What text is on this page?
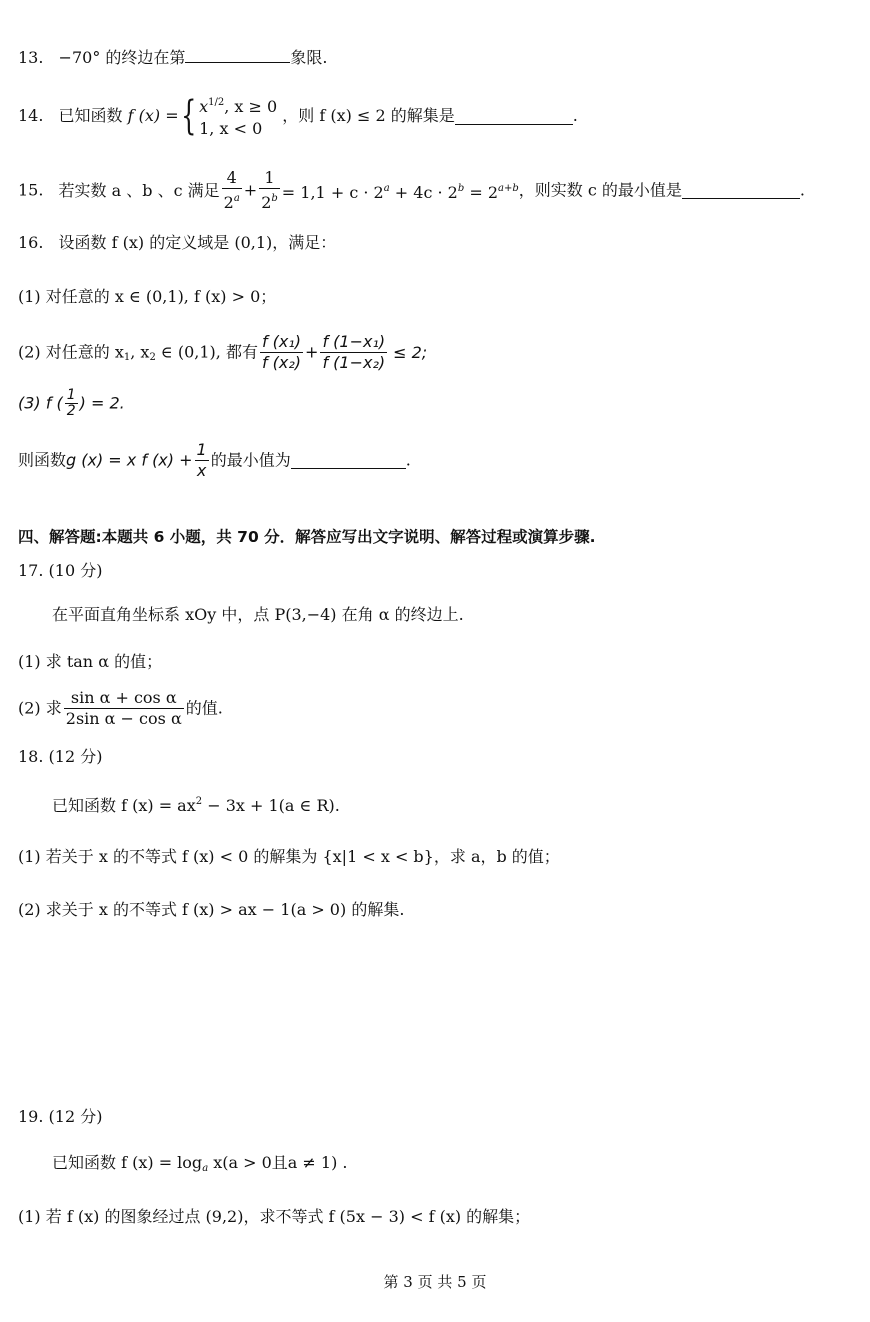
13. −70° 的终边在第	象限.
14. 已知函数 f (x) ={ $x^{1/2}$, x ≥ 0
1, x < 0
，则 f (x) ≤ 2 的解集是	.
15. 若实数 a 、b 、c 满足 $\frac{4}{2^a} + \frac{1}{2^b} = 1,1 + c \cdot 2^a + 4c \cdot 2^b = 2^{a+b}$，则实数 c 的最小值是	.
16. 设函数 f (x) 的定义域是 (0,1)，满足：
(1) 对任意的 x ∈ (0,1), f (x) > 0；
(2) 对任意的 $x_1$, $x_2$ ∈ (0,1), 都有 $\frac{\text{f (x₁)}}{\text{f (x₂)}} + \frac{\text{f (1−x₁)}}{\text{f (1−x₂)}} \le 2$;
(3) f ( $\frac{1}{2}$ ) = 2.
则函数g (x) = x f $(x) + \frac{1}{x}$ 的最小值为	.
四、解答题:本题共 6 小题，共 70 分．解答应写出文字说明、解答过程或演算步骤.
17. (10 分)
在平面直角坐标系 xOy 中，点 P(3,−4) 在角 α 的终边上.
(1) 求 tan α 的值；
(2) 求 $\frac{\text{sin α + cos α}}{\text{2sin α − cos α}}$ 的值.
18. (12 分)
已知函数 f $(x) = ax^2 - 3x + 1(a$ ∈ R).
(1) 若关于 x 的不等式 f (x) < 0 的解集为 {x|1 < x < b}，求 a，b 的值；
(2) 求关于 x 的不等式 f (x) > ax − 1(a > 0) 的解集.
19. (12 分)
已知函数 f $(x) = \log_a x(a > 0$且a ≠ 1) .
(1) 若 f (x) 的图象经过点 (9,2)，求不等式 f (5x − 3) < f (x) 的解集；
第 3 页 共 5 页
